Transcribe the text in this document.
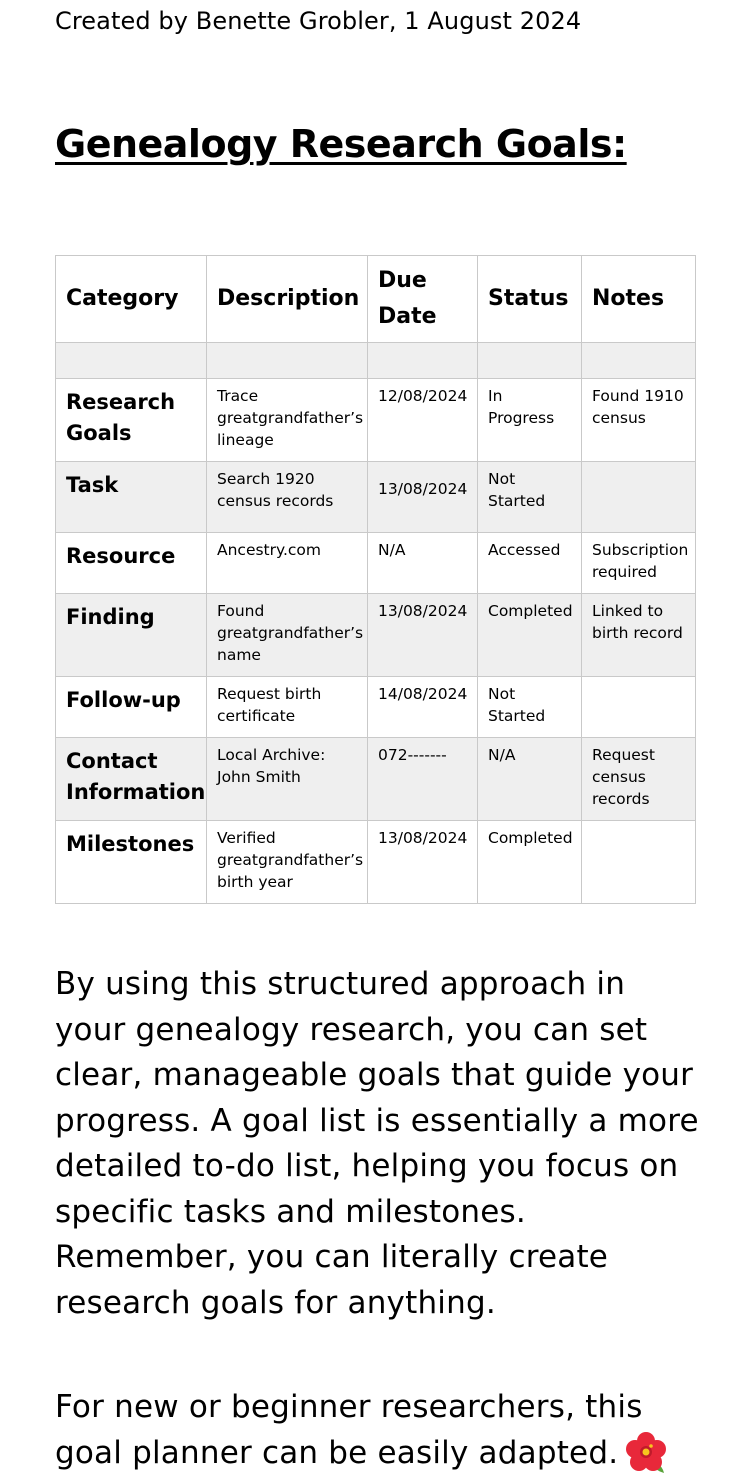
Created by Benette Grobler, 1 August 2024
Genealogy Research Goals:
Category	Description	Due Date	Status	Notes

Research Goals	Trace greatgrandfather’s lineage	12/08/2024	In Progress	Found 1910 census
Task	Search 1920 census records	13/08/2024	Not Started	
Resource	Ancestry.com	N/A	Accessed	Subscription required
Finding	Found greatgrandfather’s name	13/08/2024	Completed	Linked to birth record
Follow-up	Request birth certificate	14/08/2024	Not Started	
Contact Information	Local Archive: John Smith	072-------	N/A	Request census records
Milestones	Verified greatgrandfather’s birth year	13/08/2024	Completed	

By using this structured approach in your genealogy research, you can set clear, manageable goals that guide your progress. A goal list is essentially a more detailed to-do list, helping you focus on specific tasks and milestones. Remember, you can literally create research goals for anything.

For new or beginner researchers, this goal planner can be easily adapted.
